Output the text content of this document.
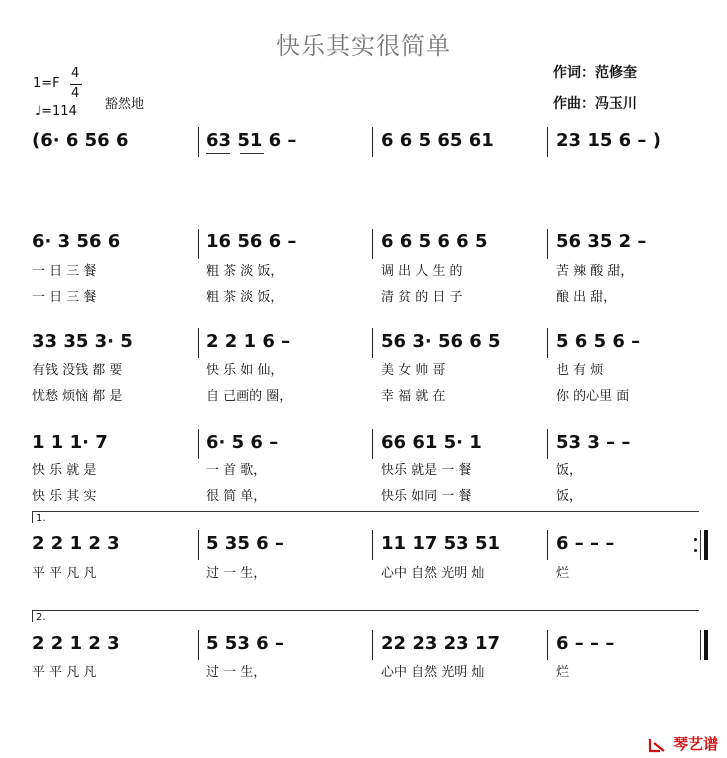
快乐其实很简单
作词：范修奎
作曲：冯玉川
1=F
4
4
♩=114 豁然地
(6· 6 56 6	63 51 6 –	6 6 5 65 61	23 15 6 – )
6· 3 56 6	16 56 6 –	6 6 5 6 6 5	56 35 2 –
一 日 三 餐	粗 茶 淡 饭，	调 出 人 生 的	苦 辣 酸 甜，
一 日 三 餐	粗 茶 淡 饭，	清 贫 的 日 子	酿 出 甜，
33 35 3· 5	2 2 1 6 –	56 3· 56 6 5	5 6 5 6 –
有钱 没钱 都 要	快 乐 如 仙，	美 女 帅 哥	也 有 烦
忧愁 烦恼 都 是	自 己画的 圈，	幸 福 就 在	你 的心里 面
1 1 1· 7	6· 5 6 –	66 61 5· 1	53 3 – –
快 乐 就 是	一 首 歌，	快乐 就是 一 餐	饭，
快 乐 其 实	很 简 单，	快乐 如同 一 餐	饭，
1.
2 2 1 2 3	5 35 6 –	11 17 53 51	6 – – –
平 平 凡 凡	过 一 生，	心中 自然 光明 灿	烂
2.
2 2 1 2 3	5 53 6 –	22 23 23 17	6 – – –
平 平 凡 凡	过 一 生，	心中 自然 光明 灿	烂
琴艺谱
